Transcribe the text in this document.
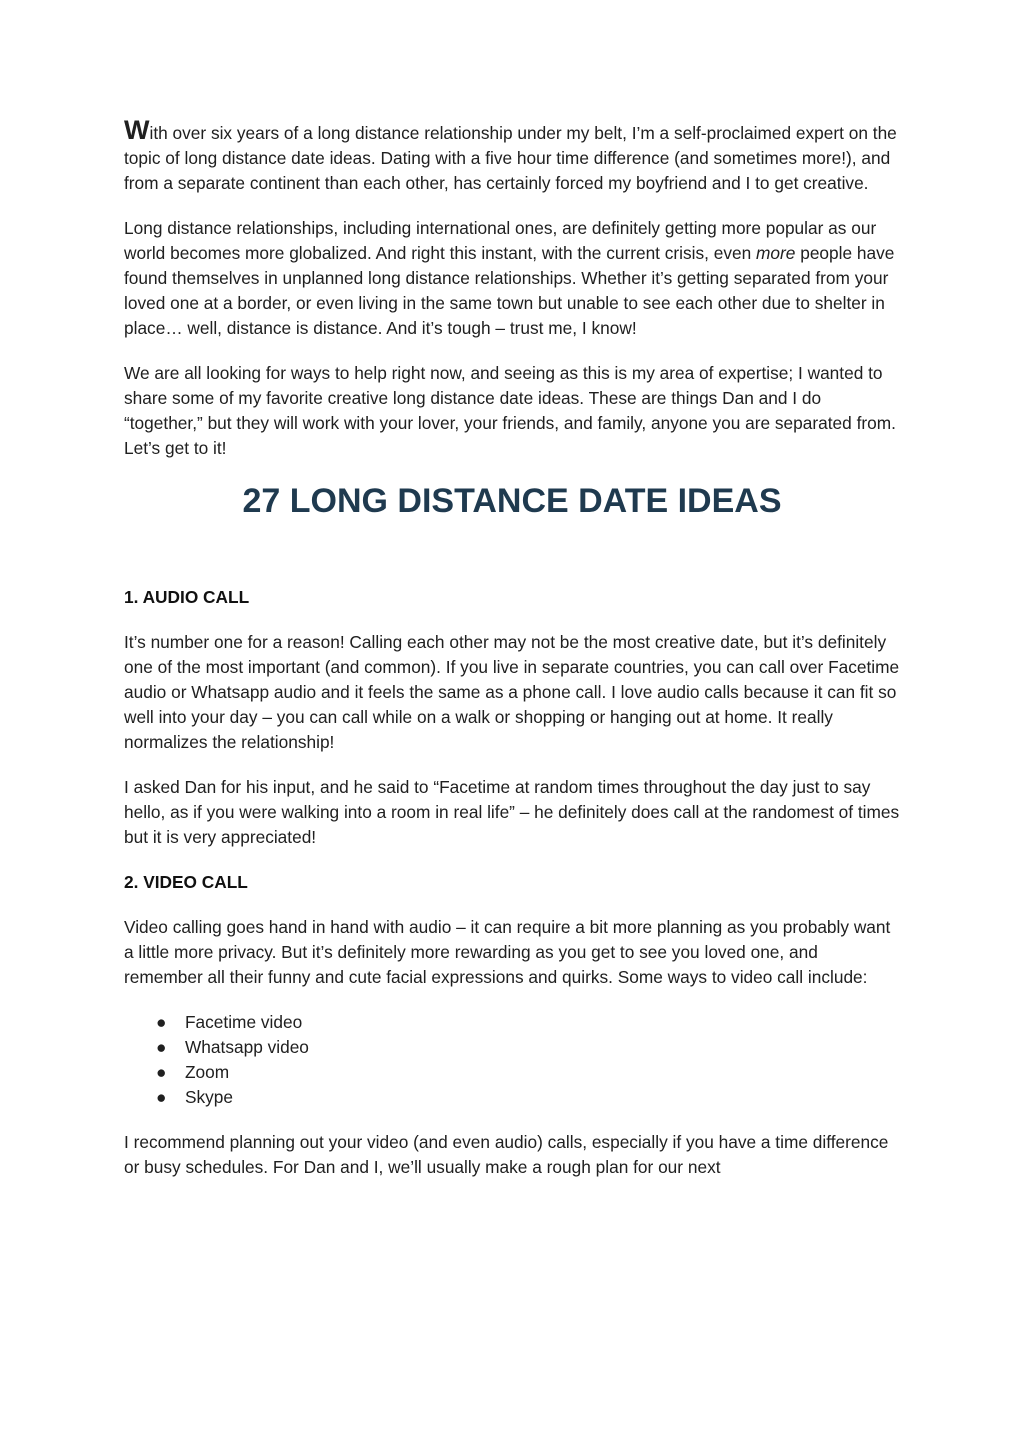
With over six years of a long distance relationship under my belt, I’m a self-proclaimed expert on the topic of long distance date ideas. Dating with a five hour time difference (and sometimes more!), and from a separate continent than each other, has certainly forced my boyfriend and I to get creative.

Long distance relationships, including international ones, are definitely getting more popular as our world becomes more globalized. And right this instant, with the current crisis, even more people have found themselves in unplanned long distance relationships. Whether it’s getting separated from your loved one at a border, or even living in the same town but unable to see each other due to shelter in place… well, distance is distance. And it’s tough – trust me, I know!

We are all looking for ways to help right now, and seeing as this is my area of expertise; I wanted to share some of my favorite creative long distance date ideas. These are things Dan and I do “together,” but they will work with your lover, your friends, and family, anyone you are separated from. Let’s get to it!

27 LONG DISTANCE DATE IDEAS
1. AUDIO CALL

It’s number one for a reason! Calling each other may not be the most creative date, but it’s definitely one of the most important (and common). If you live in separate countries, you can call over Facetime audio or Whatsapp audio and it feels the same as a phone call. I love audio calls because it can fit so well into your day – you can call while on a walk or shopping or hanging out at home. It really normalizes the relationship!

I asked Dan for his input, and he said to “Facetime at random times throughout the day just to say hello, as if you were walking into a room in real life” – he definitely does call at the randomest of times but it is very appreciated!

2. VIDEO CALL

Video calling goes hand in hand with audio – it can require a bit more planning as you probably want a little more privacy. But it’s definitely more rewarding as you get to see you loved one, and remember all their funny and cute facial expressions and quirks. Some ways to video call include:

● Facetime video
● Whatsapp video
● Zoom
● Skype

I recommend planning out your video (and even audio) calls, especially if you have a time difference or busy schedules. For Dan and I, we’ll usually make a rough plan for our next
